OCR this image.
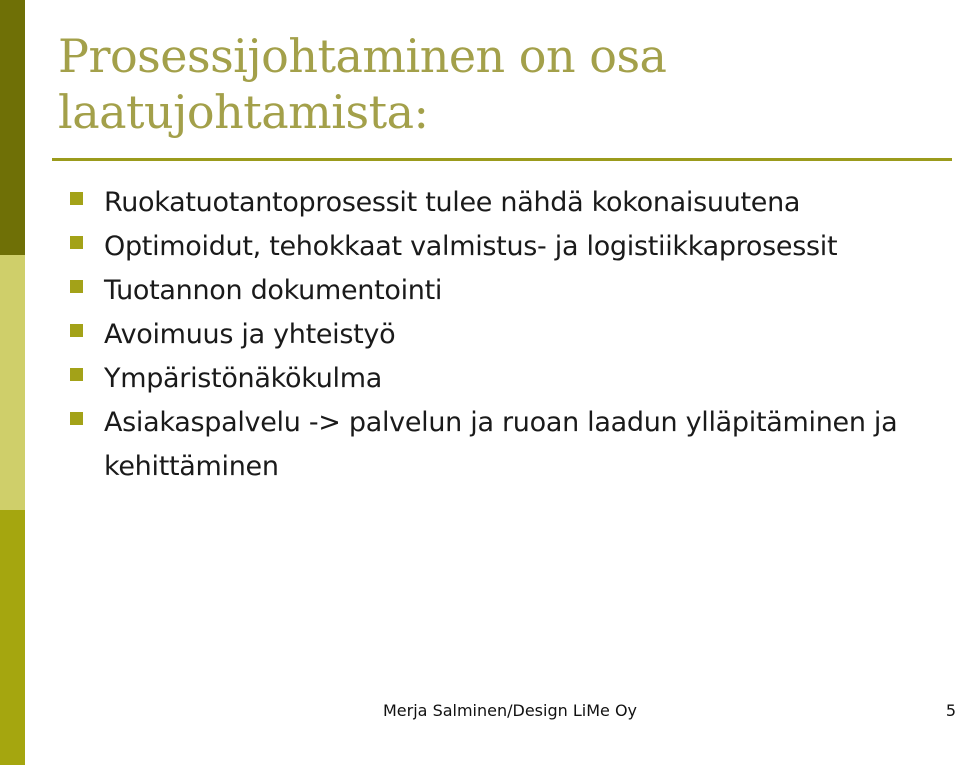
Prosessijohtaminen on osa laatujohtamista:
Ruokatuotantoprosessit tulee nähdä kokonaisuutena
Optimoidut, tehokkaat valmistus- ja logistiikkaprosessit
Tuotannon dokumentointi
Avoimuus ja yhteistyö
Ympäristönäkökulma
Asiakaspalvelu -> palvelun ja ruoan laadun ylläpitäminen ja kehittäminen
Merja Salminen/Design LiMe Oy	5
